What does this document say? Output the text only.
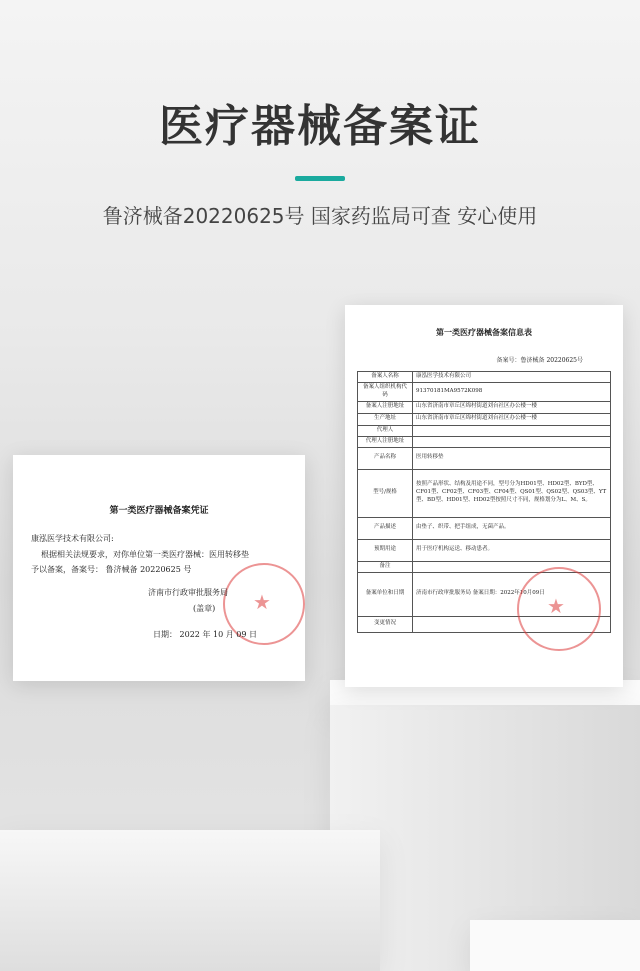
医疗器械备案证
鲁济械备20220625号 国家药监局可查 安心使用
第一类医疗器械备案凭证
康泓医学技术有限公司:
根据相关法规要求，对你单位第一类医疗器械：医用转移垫
予以备案，备案号： 鲁济械备 20220625 号
★
济南市行政审批服务局
(盖章)
日期： 2022 年 10 月 09 日
第一类医疗器械备案信息表
备案号：鲁济械备 20220625号
备案人名称	康泓医学技术有限公司
备案人组织机构代码	91370181MA9572K098
备案人注册地址	山东省济南市章丘区绵村街道刘台社区办公楼一楼
生产地址	山东省济南市章丘区绵村街道刘台社区办公楼一楼
代理人	
代理人注册地址	
产品名称	医用转移垫
型号/规格	按照产品形状、结构及用途不同，型号分为HD01型、HD02型、BYD型、CF01型、CF02型、CF03型、CF04型、QS01型、QS02型、QS03型、YT型、BD型、HD01型、HD02型按照尺寸不同，规格划分为L、M、S。
产品描述	由垫子、织带、把手组成，无菌产品。
预期用途	用于医疗机构运送、移动患者。
备注	
备案单位和日期	济南市行政审批服务局 备案日期：2022年10月09日
变更情况	
★
